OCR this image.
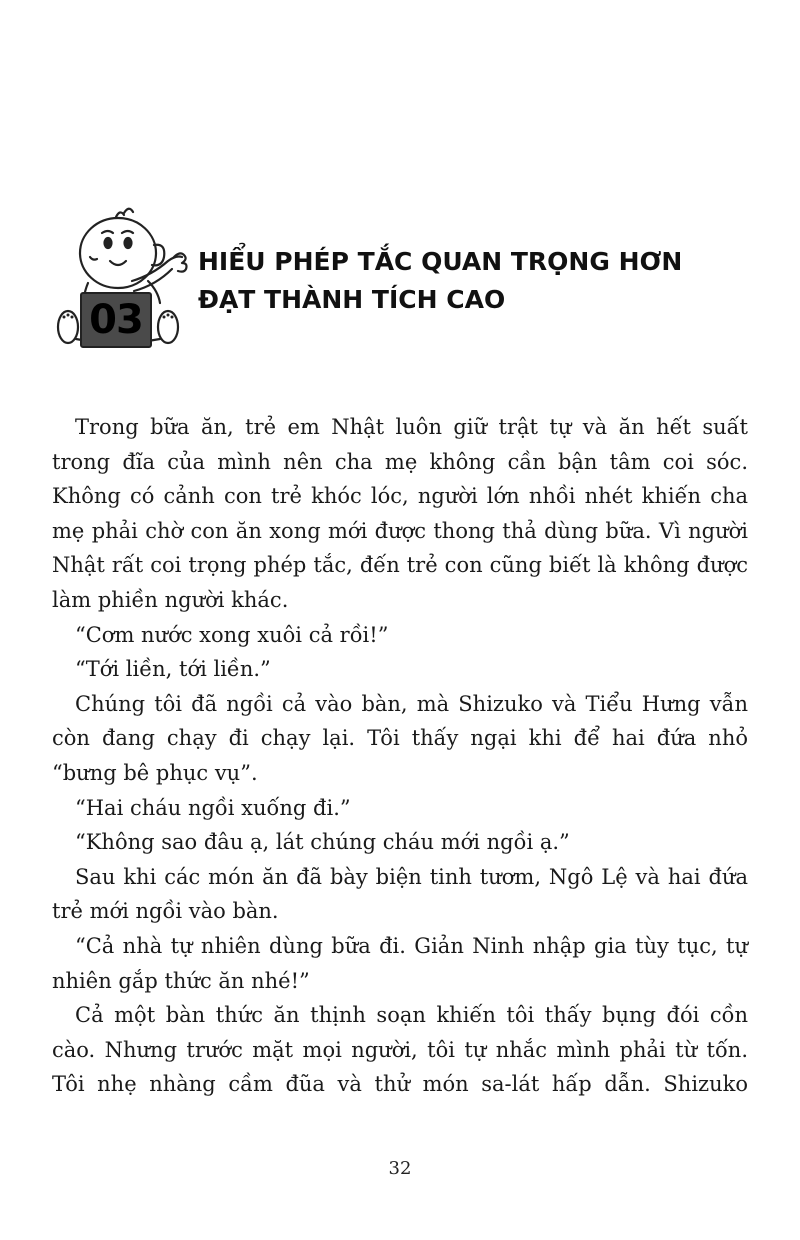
03
HIỂU PHÉP TẮC QUAN TRỌNG HƠN
ĐẠT THÀNH TÍCH CAO

Trong bữa ăn, trẻ em Nhật luôn giữ trật tự và ăn hết suất trong đĩa của mình nên cha mẹ không cần bận tâm coi sóc. Không có cảnh con trẻ khóc lóc, người lớn nhồi nhét khiến cha mẹ phải chờ con ăn xong mới được thong thả dùng bữa. Vì người Nhật rất coi trọng phép tắc, đến trẻ con cũng biết là không được làm phiền người khác.

“Cơm nước xong xuôi cả rồi!”

“Tới liền, tới liền.”

Chúng tôi đã ngồi cả vào bàn, mà Shizuko và Tiểu Hưng vẫn còn đang chạy đi chạy lại. Tôi thấy ngại khi để hai đứa nhỏ “bưng bê phục vụ”.

“Hai cháu ngồi xuống đi.”

“Không sao đâu ạ, lát chúng cháu mới ngồi ạ.”

Sau khi các món ăn đã bày biện tinh tươm, Ngô Lệ và hai đứa trẻ mới ngồi vào bàn.

“Cả nhà tự nhiên dùng bữa đi. Giản Ninh nhập gia tùy tục, tự nhiên gắp thức ăn nhé!”

Cả một bàn thức ăn thịnh soạn khiến tôi thấy bụng đói cồn cào. Nhưng trước mặt mọi người, tôi tự nhắc mình phải từ tốn. Tôi nhẹ nhàng cầm đũa và thử món sa-lát hấp dẫn. Shizuko

32
